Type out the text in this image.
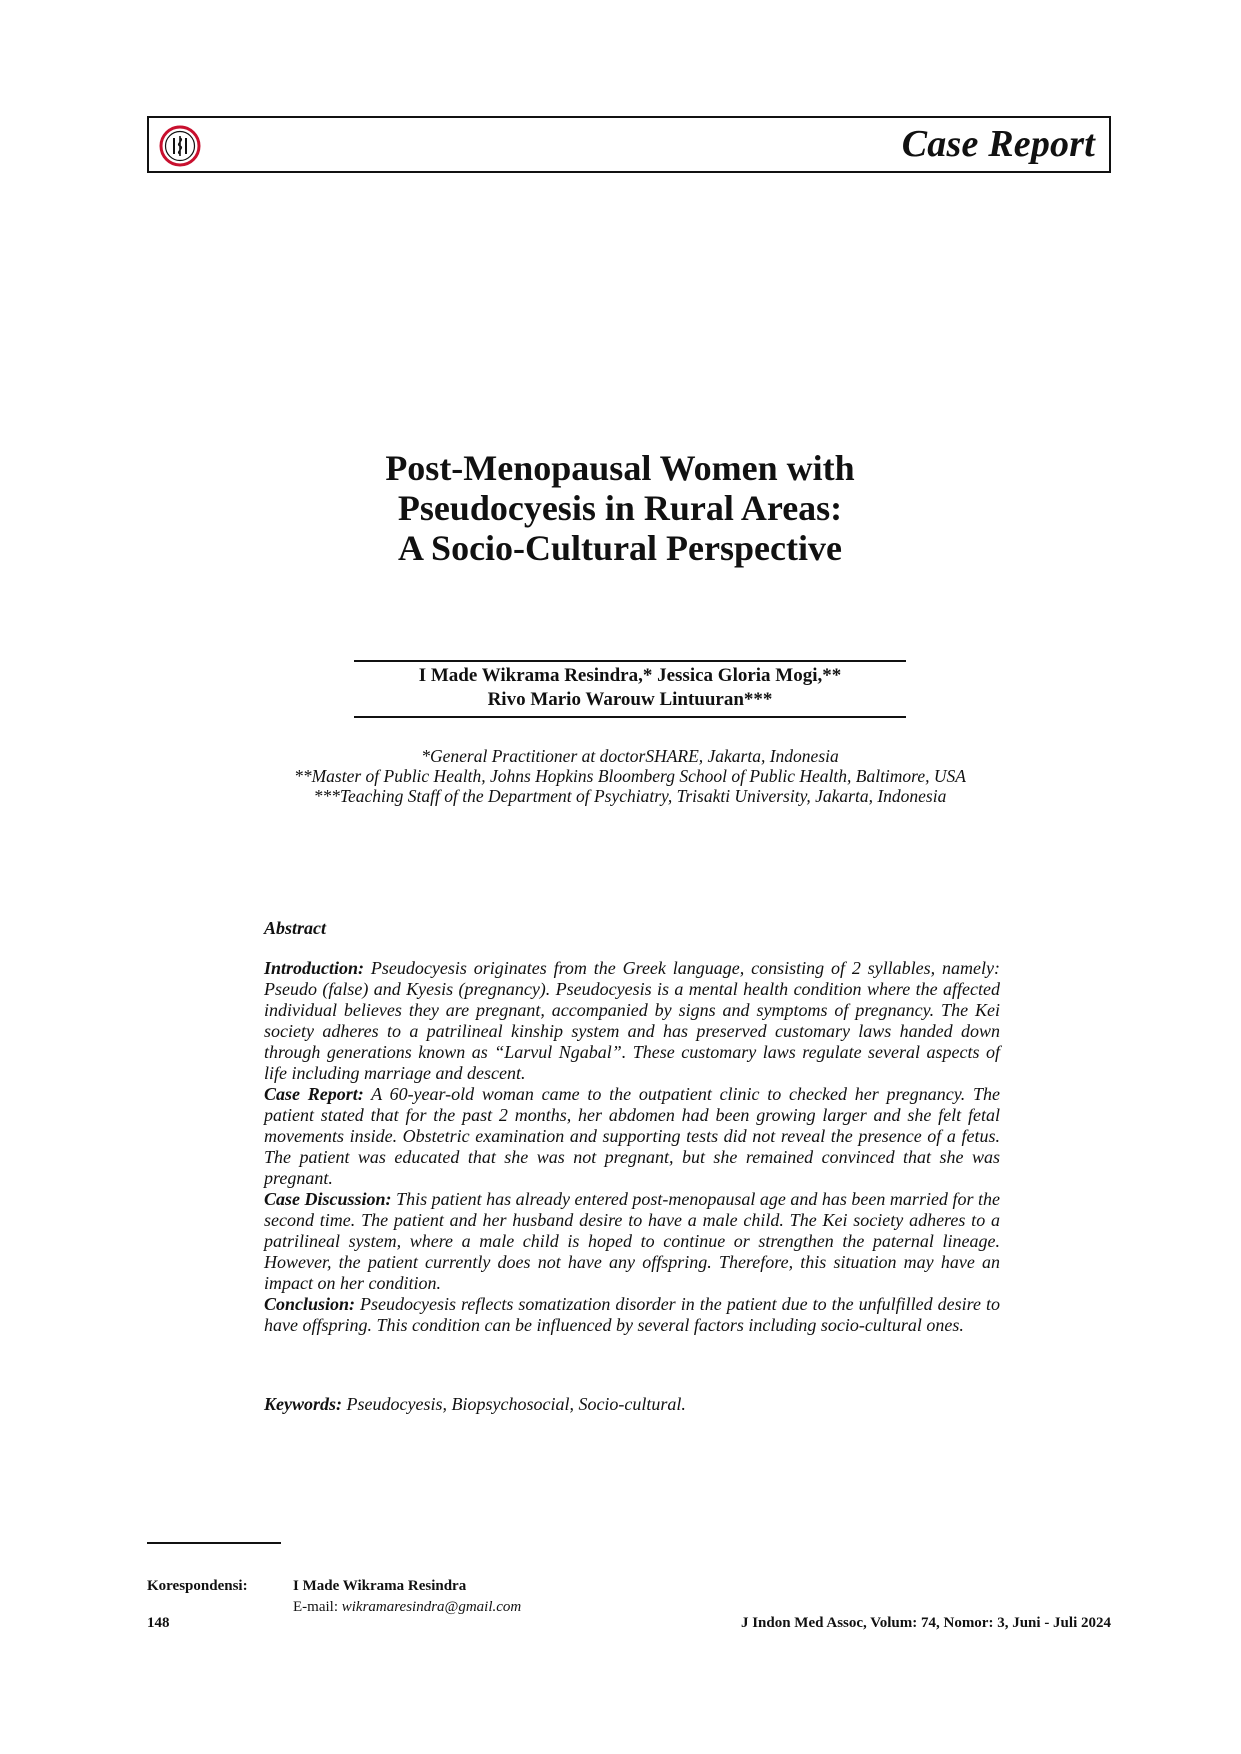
Case Report
Post-Menopausal Women with
Pseudocyesis in Rural Areas:
A Socio-Cultural Perspective
I Made Wikrama Resindra,* Jessica Gloria Mogi,**
Rivo Mario Warouw Lintuuran***

*General Practitioner at doctorSHARE, Jakarta, Indonesia

**Master of Public Health, Johns Hopkins Bloomberg School of Public Health, Baltimore, USA

***Teaching Staff of the Department of Psychiatry, Trisakti University, Jakarta, Indonesia

Abstract

Introduction: Pseudocyesis originates from the Greek language, consisting of 2 syllables, namely: Pseudo (false) and Kyesis (pregnancy). Pseudocyesis is a mental health condition where the affected individual believes they are pregnant, accompanied by signs and symptoms of pregnancy. The Kei society adheres to a patrilineal kinship system and has preserved customary laws handed down through generations known as “Larvul Ngabal”. These customary laws regulate several aspects of life including marriage and descent.

Case Report: A 60-year-old woman came to the outpatient clinic to checked her pregnancy. The patient stated that for the past 2 months, her abdomen had been growing larger and she felt fetal movements inside. Obstetric examination and supporting tests did not reveal the presence of a fetus. The patient was educated that she was not pregnant, but she remained convinced that she was pregnant.

Case Discussion: This patient has already entered post-menopausal age and has been married for the second time. The patient and her husband desire to have a male child. The Kei society adheres to a patrilineal system, where a male child is hoped to continue or strengthen the paternal lineage. However, the patient currently does not have any offspring. Therefore, this situation may have an impact on her condition.

Conclusion: Pseudocyesis reflects somatization disorder in the patient due to the unfulfilled desire to have offspring. This condition can be influenced by several factors including socio-cultural ones.

Keywords: Pseudocyesis, Biopsychosocial, Socio-cultural.
Korespondensi:	I Made Wikrama Resindra
E-mail: wikramaresindra@gmail.com
148	J Indon Med Assoc, Volum: 74, Nomor: 3, Juni - Juli 2024
